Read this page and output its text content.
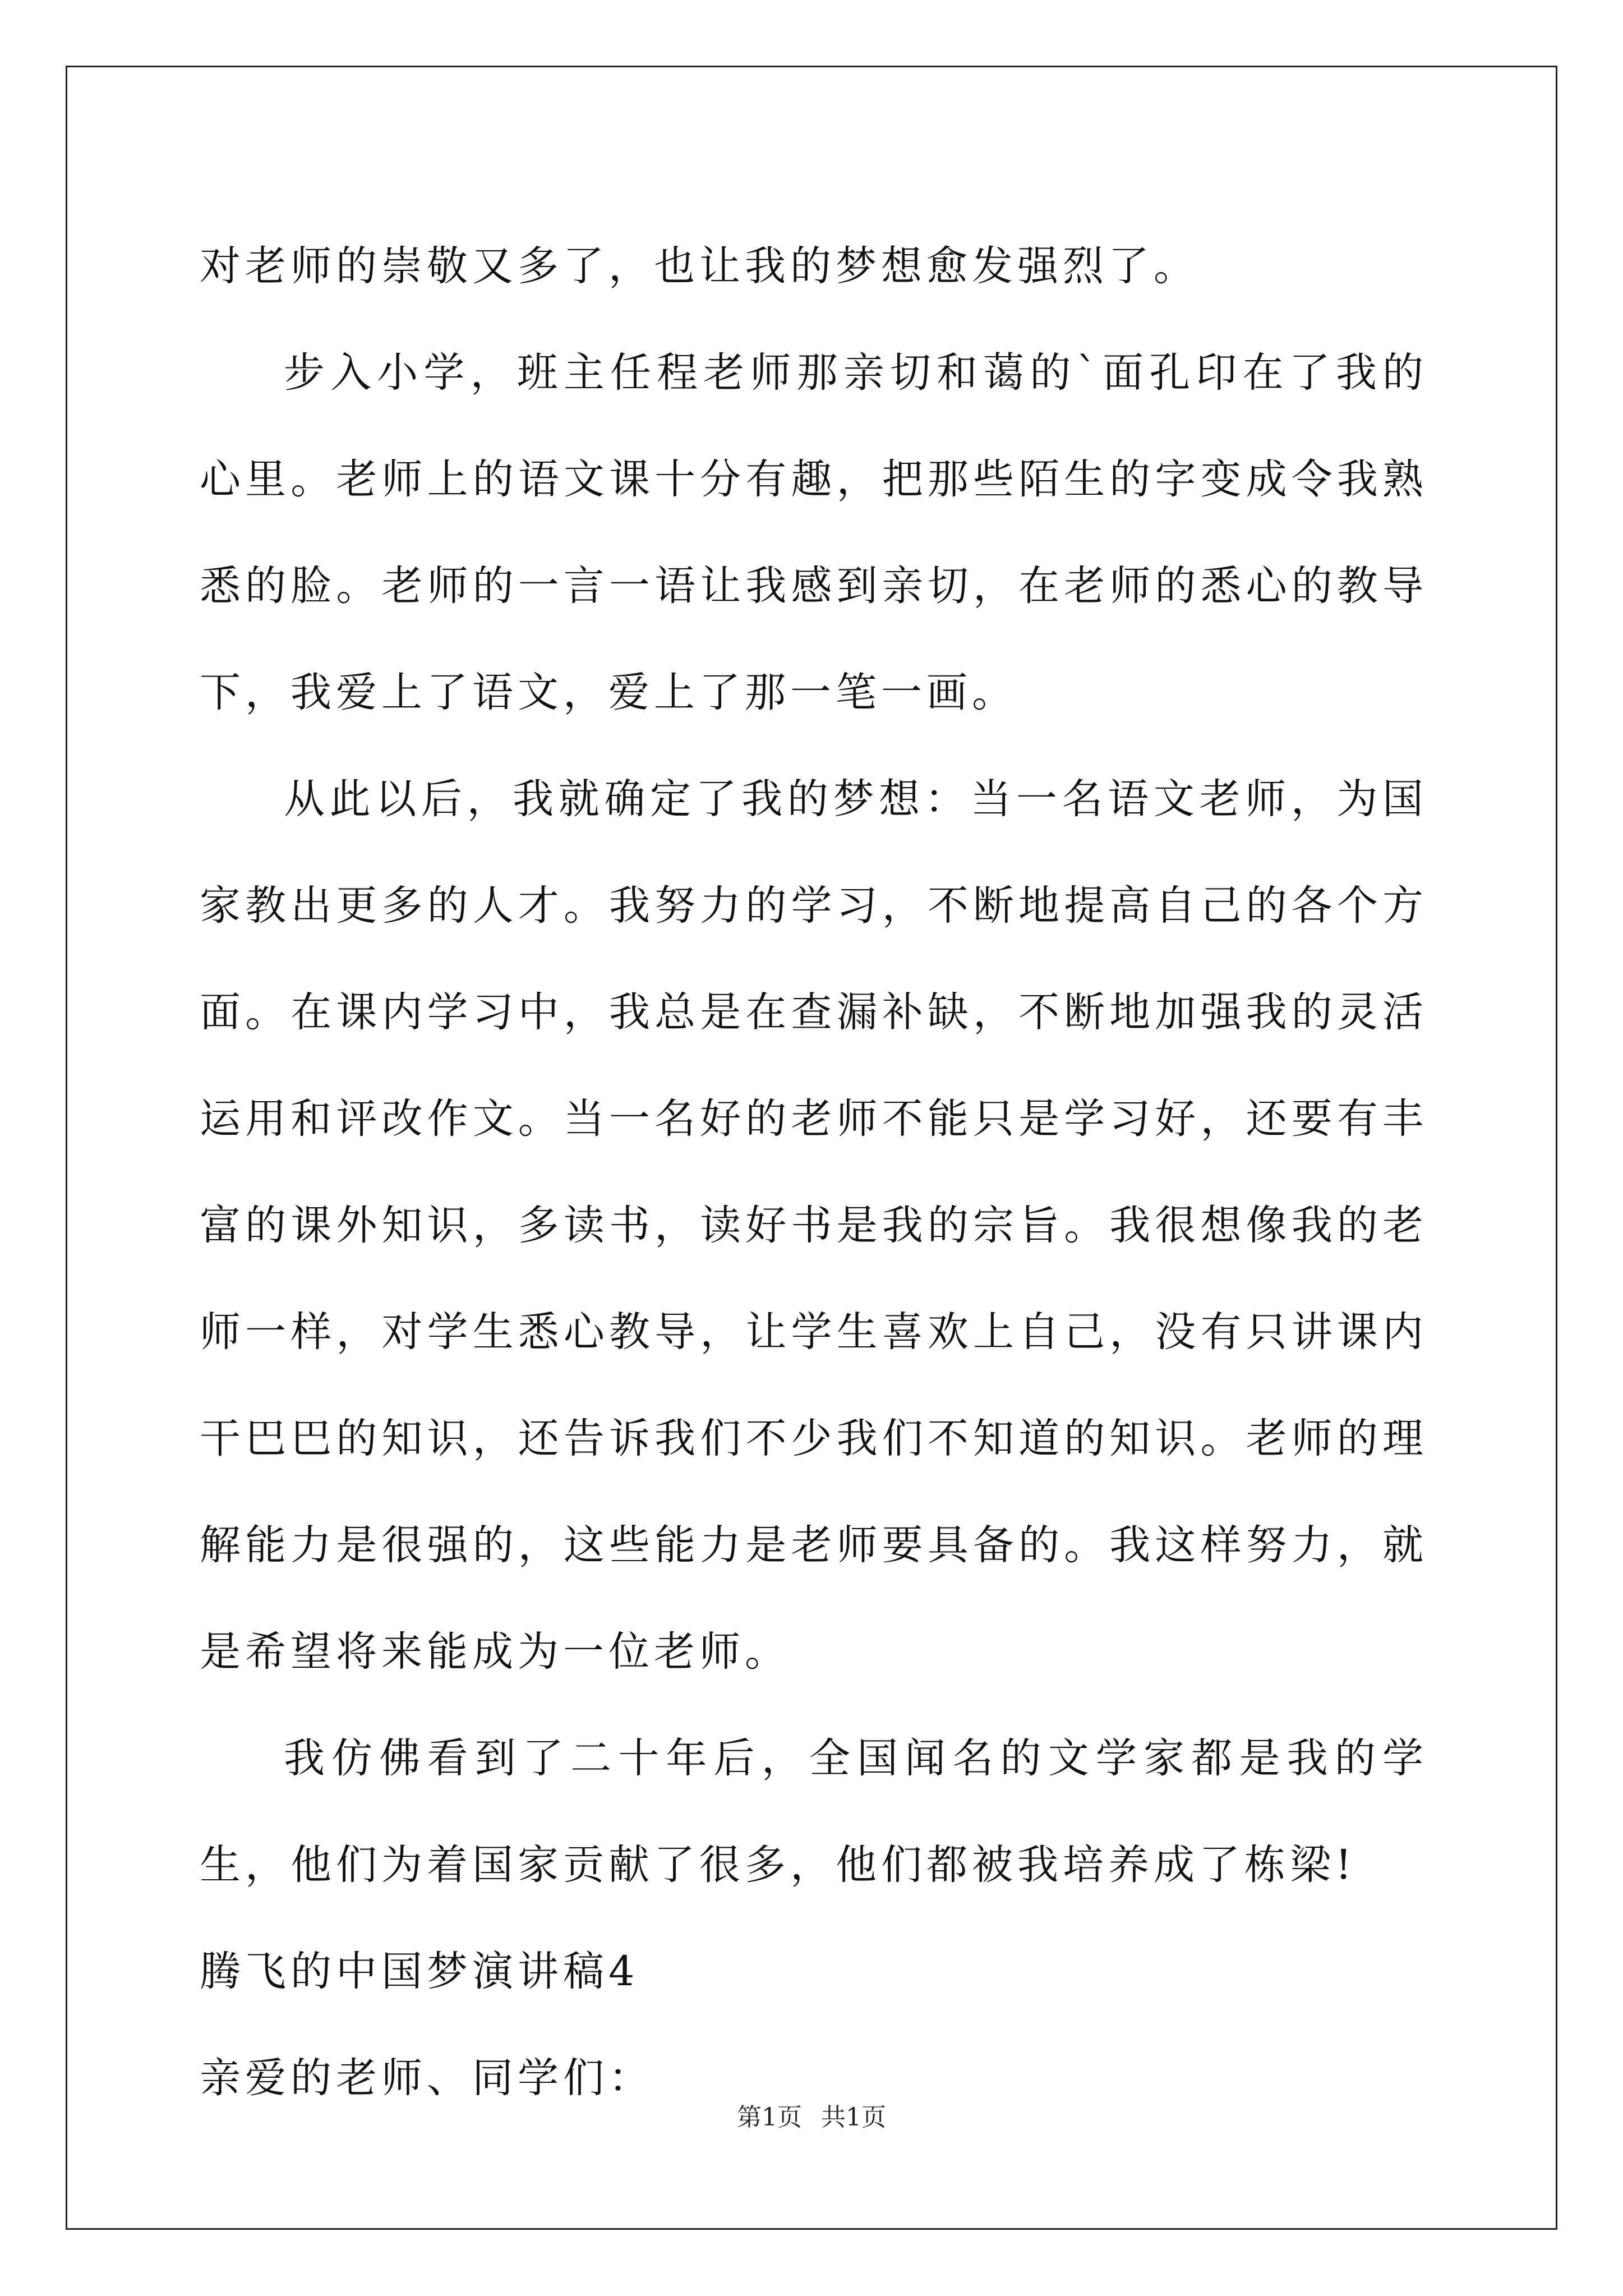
对老师的崇敬又多了，也让我的梦想愈发强烈了。

步入小学，班主任程老师那亲切和蔼的`面孔印在了我的心里。老师上的语文课十分有趣，把那些陌生的字变成令我熟悉的脸。老师的一言一语让我感到亲切，在老师的悉心的教导下，我爱上了语文，爱上了那一笔一画。

从此以后，我就确定了我的梦想：当一名语文老师，为国家教出更多的人才。我努力的学习，不断地提高自己的各个方面。在课内学习中，我总是在查漏补缺，不断地加强我的灵活运用和评改作文。当一名好的老师不能只是学习好，还要有丰富的课外知识，多读书，读好书是我的宗旨。我很想像我的老师一样，对学生悉心教导，让学生喜欢上自己，没有只讲课内干巴巴的知识，还告诉我们不少我们不知道的知识。老师的理解能力是很强的，这些能力是老师要具备的。我这样努力，就是希望将来能成为一位老师。

我仿佛看到了二十年后，全国闻名的文学家都是我的学生，他们为着国家贡献了很多，他们都被我培养成了栋梁!

腾飞的中国梦演讲稿4

亲爱的老师、同学们：

第1页 共1页
